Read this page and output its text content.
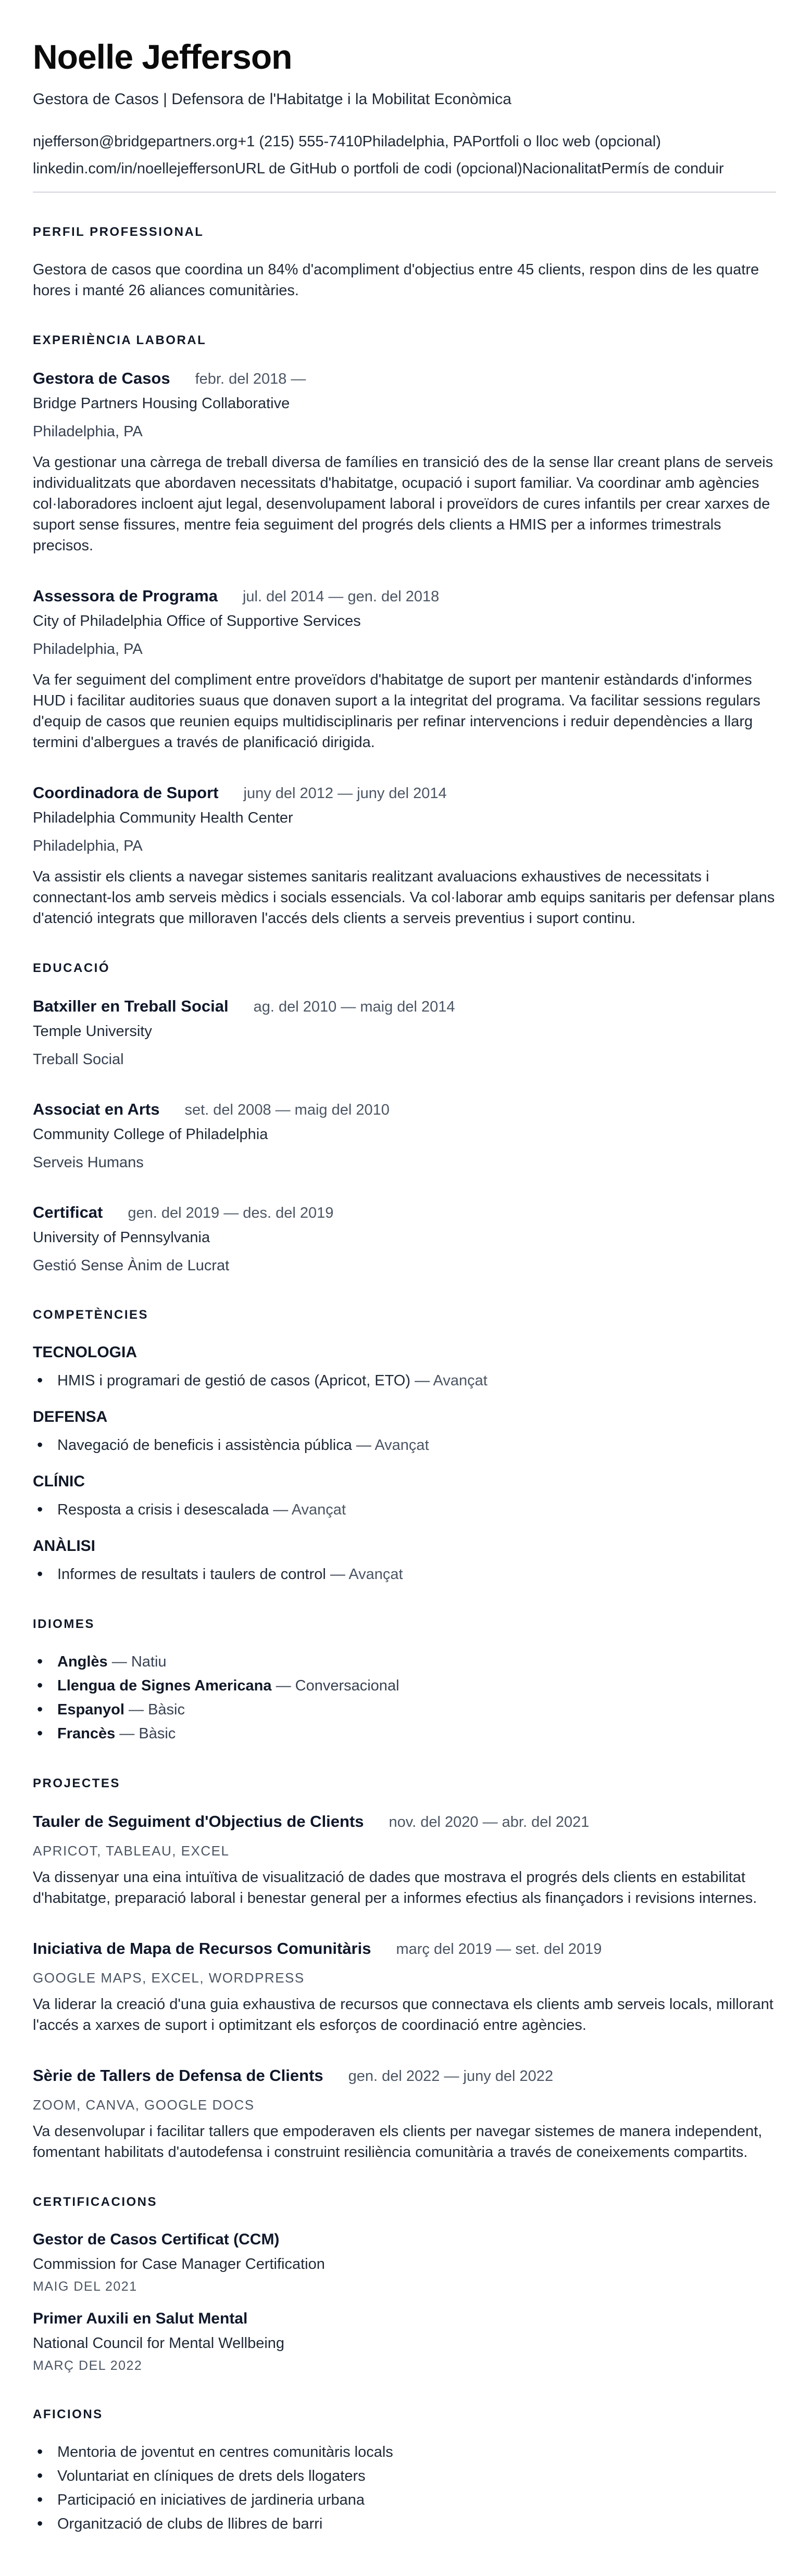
Noelle Jefferson
Gestora de Casos | Defensora de l'Habitatge i la Mobilitat Econòmica
njefferson@bridgepartners.org+1 (215) 555-7410Philadelphia, PAPortfoli o lloc web (opcional)
linkedin.com/in/noellejeffersonURL de GitHub o portfoli de codi (opcional)NacionalitatPermís de conduir
PERFIL PROFESSIONAL

Gestora de casos que coordina un 84% d'acompliment d'objectius entre 45 clients, respon dins de les quatre hores i manté 26 aliances comunitàries.

EXPERIÈNCIA LABORAL
Gestora de Casos febr. del 2018 —
Bridge Partners Housing Collaborative
Philadelphia, PA

Va gestionar una càrrega de treball diversa de famílies en transició des de la sense llar creant plans de serveis individualitzats que abordaven necessitats d'habitatge, ocupació i suport familiar. Va coordinar amb agències col·laboradores incloent ajut legal, desenvolupament laboral i proveïdors de cures infantils per crear xarxes de suport sense fissures, mentre feia seguiment del progrés dels clients a HMIS per a informes trimestrals precisos.

Assessora de Programa jul. del 2014 — gen. del 2018
City of Philadelphia Office of Supportive Services
Philadelphia, PA

Va fer seguiment del compliment entre proveïdors d'habitatge de suport per mantenir estàndards d'informes HUD i facilitar auditories suaus que donaven suport a la integritat del programa. Va facilitar sessions regulars d'equip de casos que reunien equips multidisciplinaris per refinar intervencions i reduir dependències a llarg termini d'albergues a través de planificació dirigida.

Coordinadora de Suport juny del 2012 — juny del 2014
Philadelphia Community Health Center
Philadelphia, PA

Va assistir els clients a navegar sistemes sanitaris realitzant avaluacions exhaustives de necessitats i connectant-los amb serveis mèdics i socials essencials. Va col·laborar amb equips sanitaris per defensar plans d'atenció integrats que milloraven l'accés dels clients a serveis preventius i suport continu.

EDUCACIÓ
Batxiller en Treball Social ag. del 2010 — maig del 2014
Temple University
Treball Social
Associat en Arts set. del 2008 — maig del 2010
Community College of Philadelphia
Serveis Humans
Certificat gen. del 2019 — des. del 2019
University of Pennsylvania
Gestió Sense Ànim de Lucrat
COMPETÈNCIES
TECNOLOGIA
• HMIS i programari de gestió de casos (Apricot, ETO) — Avançat
DEFENSA
• Navegació de beneficis i assistència pública — Avançat
CLÍNIC
• Resposta a crisis i desescalada — Avançat
ANÀLISI
• Informes de resultats i taulers de control — Avançat
IDIOMES
• Anglès — Natiu
• Llengua de Signes Americana — Conversacional
• Espanyol — Bàsic
• Francès — Bàsic
PROJECTES
Tauler de Seguiment d'Objectius de Clients nov. del 2020 — abr. del 2021
APRICOT, TABLEAU, EXCEL

Va dissenyar una eina intuïtiva de visualització de dades que mostrava el progrés dels clients en estabilitat d'habitatge, preparació laboral i benestar general per a informes efectius als finançadors i revisions internes.

Iniciativa de Mapa de Recursos Comunitàris març del 2019 — set. del 2019
GOOGLE MAPS, EXCEL, WORDPRESS

Va liderar la creació d'una guia exhaustiva de recursos que connectava els clients amb serveis locals, millorant l'accés a xarxes de suport i optimitzant els esforços de coordinació entre agències.

Sèrie de Tallers de Defensa de Clients gen. del 2022 — juny del 2022
ZOOM, CANVA, GOOGLE DOCS

Va desenvolupar i facilitar tallers que empoderaven els clients per navegar sistemes de manera independent, fomentant habilitats d'autodefensa i construint resiliència comunitària a través de coneixements compartits.

CERTIFICACIONS
Gestor de Casos Certificat (CCM)
Commission for Case Manager Certification
MAIG DEL 2021
Primer Auxili en Salut Mental
National Council for Mental Wellbeing
MARÇ DEL 2022
AFICIONS
• Mentoria de joventut en centres comunitàris locals
• Voluntariat en clíniques de drets dels llogaters
• Participació en iniciatives de jardineria urbana
• Organització de clubs de llibres de barri
